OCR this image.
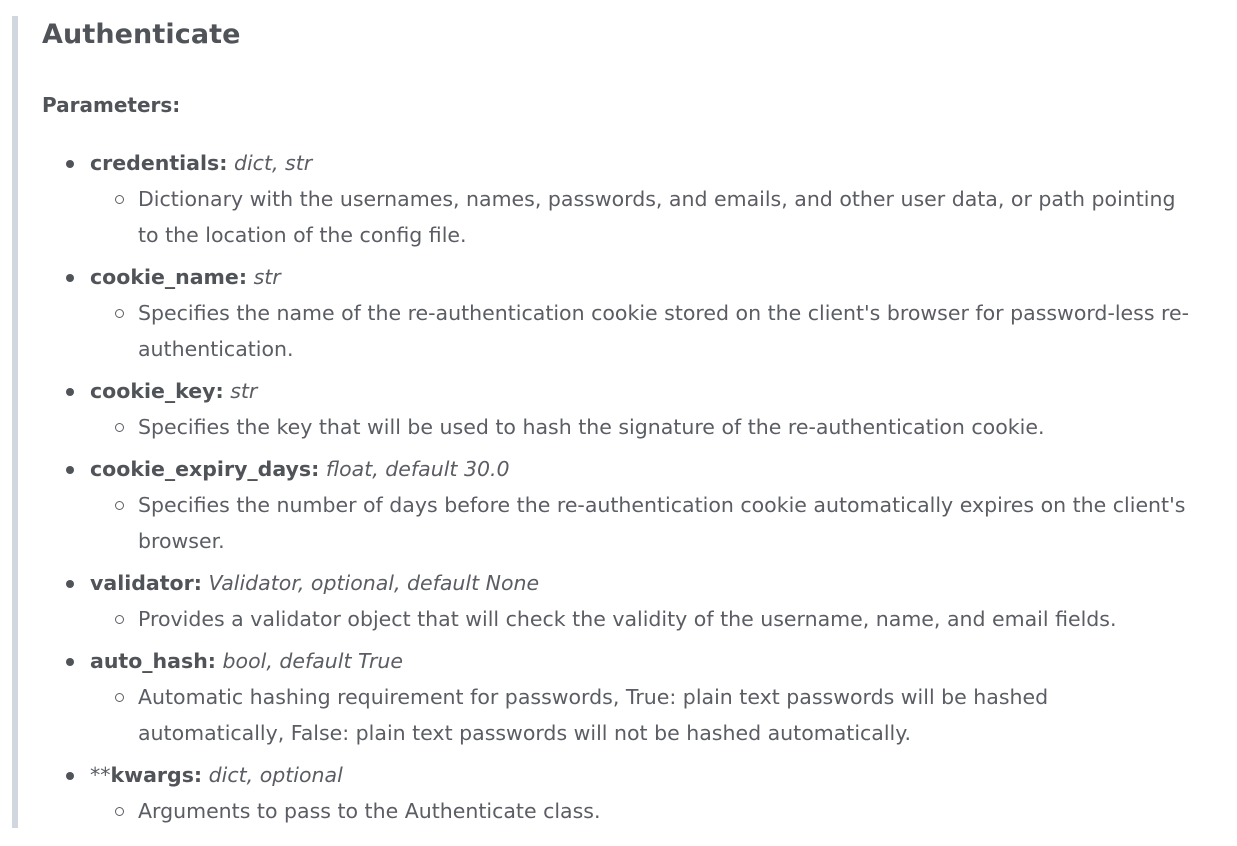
Authenticate
Parameters:
credentials: dict, str
Dictionary with the usernames, names, passwords, and emails, and other user data, or path pointing to the location of the config file.
cookie_name: str
Specifies the name of the re-authentication cookie stored on the client's browser for password-less re-authentication.
cookie_key: str
Specifies the key that will be used to hash the signature of the re-authentication cookie.
cookie_expiry_days: float, default 30.0
Specifies the number of days before the re-authentication cookie automatically expires on the client's browser.
validator: Validator, optional, default None
Provides a validator object that will check the validity of the username, name, and email fields.
auto_hash: bool, default True
Automatic hashing requirement for passwords, True: plain text passwords will be hashed automatically, False: plain text passwords will not be hashed automatically.
**kwargs: dict, optional
Arguments to pass to the Authenticate class.
